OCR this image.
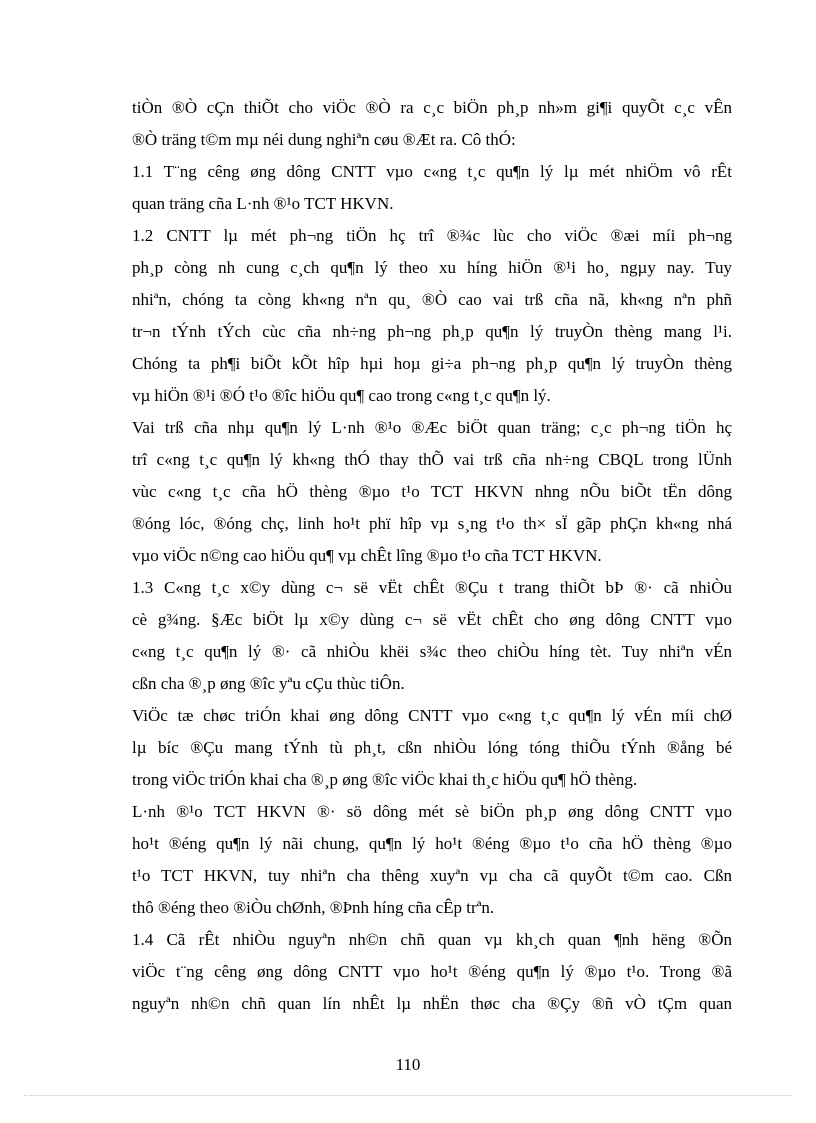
tiÒn ®Ò cÇn thiÕt cho viÖc ®Ò ra c¸c biÖn ph¸p nh»m gi¶i quyÕt c¸c vÊn
®Ò träng t©m mµ néi dung nghiªn cøu ®Æt ra. Cô thÓ:
1.1 T¨ng cêng øng dông CNTT vµo c«ng t¸c qu¶n lý lµ mét nhiÖm vô rÊt
quan träng cña L·nh ®¹o TCT HKVN.
1.2 CNTT lµ mét ph¬ng tiÖn hç trî ®¾c lùc cho viÖc ®æi míi ph¬ng
ph¸p còng nh cung c¸ch qu¶n lý theo xu híng hiÖn ®¹i ho¸ ngµy nay. Tuy
nhiªn, chóng ta còng kh«ng nªn qu¸ ®Ò cao vai trß cña nã, kh«ng nªn phñ
tr¬n tÝnh tÝch cùc cña nh÷ng ph¬ng ph¸p qu¶n lý truyÒn thèng mang l¹i.
Chóng ta ph¶i biÕt kÕt hîp hµi hoµ gi÷a ph¬ng ph¸p qu¶n lý truyÒn thèng
vµ hiÖn ®¹i ®Ó t¹o ®îc hiÖu qu¶ cao trong c«ng t¸c qu¶n lý.
Vai trß cña nhµ qu¶n lý L·nh ®¹o ®Æc biÖt quan träng; c¸c ph¬ng tiÖn hç
trî c«ng t¸c qu¶n lý kh«ng thÓ thay thÕ vai trß cña nh÷ng CBQL trong lÜnh
vùc c«ng t¸c cña hÖ thèng ®µo t¹o TCT HKVN nhng nÕu biÕt tËn dông
®óng lóc, ®óng chç, linh ho¹t phï hîp vµ s¸ng t¹o th× sÏ gãp phÇn kh«ng nhá
vµo viÖc n©ng cao hiÖu qu¶ vµ chÊt lîng ®µo t¹o cña TCT HKVN.
1.3 C«ng t¸c x©y dùng c¬ së vËt chÊt ®Çu t trang thiÕt bÞ ®· cã nhiÒu
cè g¾ng. §Æc biÖt lµ x©y dùng c¬ së vËt chÊt cho øng dông CNTT vµo
c«ng t¸c qu¶n lý ®· cã nhiÒu khëi s¾c theo chiÒu híng tèt. Tuy nhiªn vÉn
cßn cha ®¸p øng ®îc yªu cÇu thùc tiÔn.
ViÖc tæ chøc triÓn khai øng dông CNTT vµo c«ng t¸c qu¶n lý vÉn míi chØ
lµ bíc ®Çu mang tÝnh tù ph¸t, cßn nhiÒu lóng tóng thiÕu tÝnh ®ång bé
trong viÖc triÓn khai cha ®¸p øng ®îc viÖc khai th¸c hiÖu qu¶ hÖ thèng.
L·nh ®¹o TCT HKVN ®· sö dông mét sè biÖn ph¸p øng dông CNTT vµo
ho¹t ®éng qu¶n lý nãi chung, qu¶n lý ho¹t ®éng ®µo t¹o cña hÖ thèng ®µo
t¹o TCT HKVN, tuy nhiªn cha thêng xuyªn vµ cha cã quyÕt t©m cao. Cßn
thô ®éng theo ®iÒu chØnh, ®Þnh híng cña cÊp trªn.
1.4 Cã rÊt nhiÒu nguyªn nh©n chñ quan vµ kh¸ch quan ¶nh hëng ®Õn
viÖc t¨ng cêng øng dông CNTT vµo ho¹t ®éng qu¶n lý ®µo t¹o. Trong ®ã
nguyªn nh©n chñ quan lín nhÊt lµ nhËn thøc cha ®Çy ®ñ vÒ tÇm quan
110
